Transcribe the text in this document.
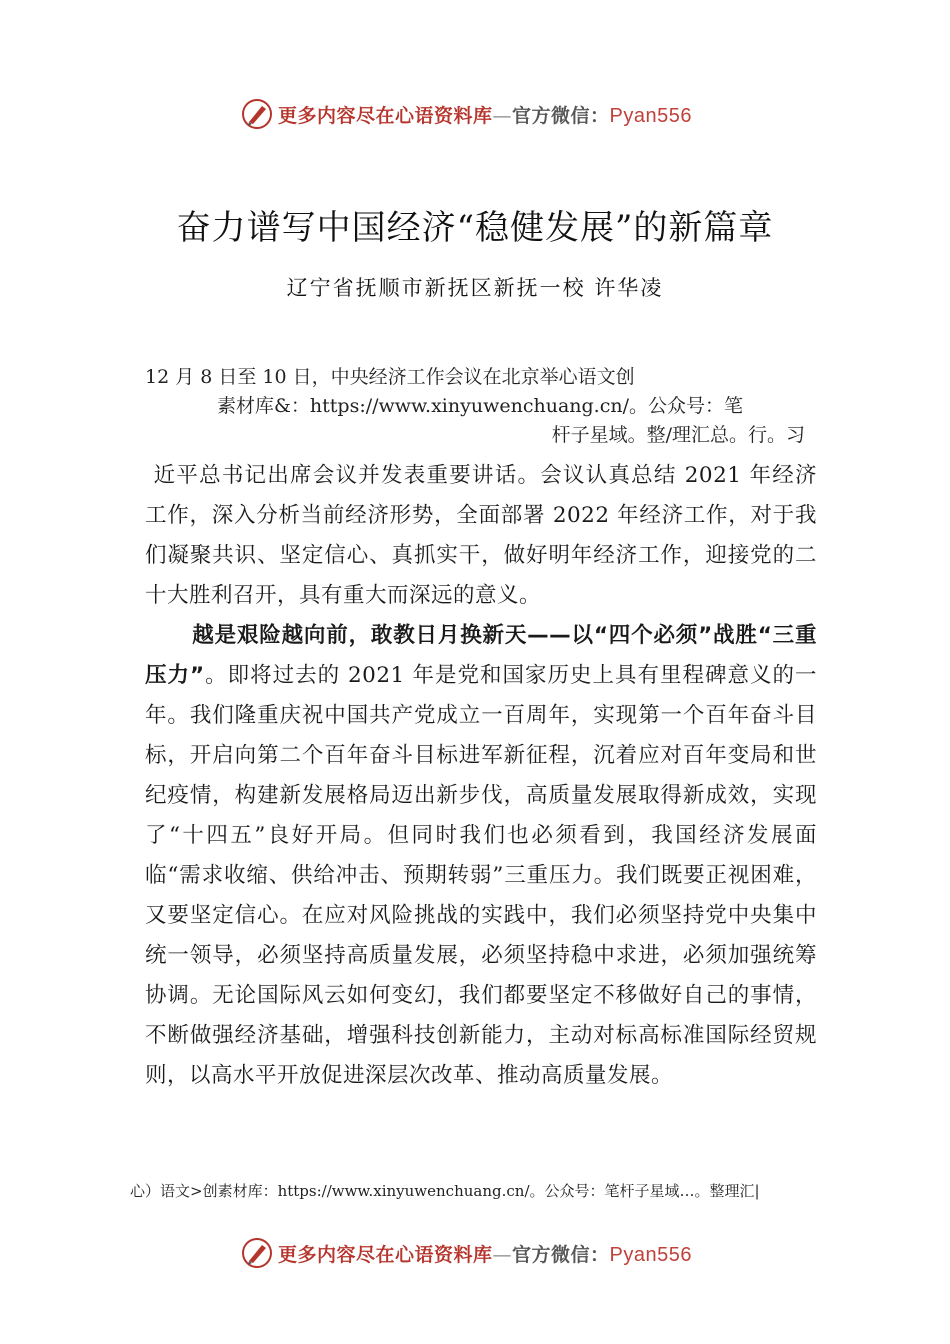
更多内容尽在心语资料库—官方微信：Pyan556
奋力谱写中国经济“稳健发展”的新篇章
辽宁省抚顺市新抚区新抚一校 许华凌
12 月 8 日至 10 日，中央经济工作会议在北京举心语文创
素材库&：https://www.xinyuwenchuang.cn/。公众号：笔
杆子星域。整/理汇总。行。习

近平总书记出席会议并发表重要讲话。会议认真总结 2021 年经济工作，深入分析当前经济形势，全面部署 2022 年经济工作，对于我们凝聚共识、坚定信心、真抓实干，做好明年经济工作，迎接党的二十大胜利召开，具有重大而深远的意义。

越是艰险越向前，敢教日月换新天——以“四个必须”战胜“三重压力”。即将过去的 2021 年是党和国家历史上具有里程碑意义的一年。我们隆重庆祝中国共产党成立一百周年，实现第一个百年奋斗目标，开启向第二个百年奋斗目标进军新征程，沉着应对百年变局和世纪疫情，构建新发展格局迈出新步伐，高质量发展取得新成效，实现了“十四五”良好开局。但同时我们也必须看到，我国经济发展面临“需求收缩、供给冲击、预期转弱”三重压力。我们既要正视困难，又要坚定信心。在应对风险挑战的实践中，我们必须坚持党中央集中统一领导，必须坚持高质量发展，必须坚持稳中求进，必须加强统筹协调。无论国际风云如何变幻，我们都要坚定不移做好自己的事情，不断做强经济基础，增强科技创新能力，主动对标高标准国际经贸规则，以高水平开放促进深层次改革、推动高质量发展。

心）语文>创素材库：https://www.xinyuwenchuang.cn/。公众号：笔杆子星域…。整理汇|
更多内容尽在心语资料库—官方微信：Pyan556
